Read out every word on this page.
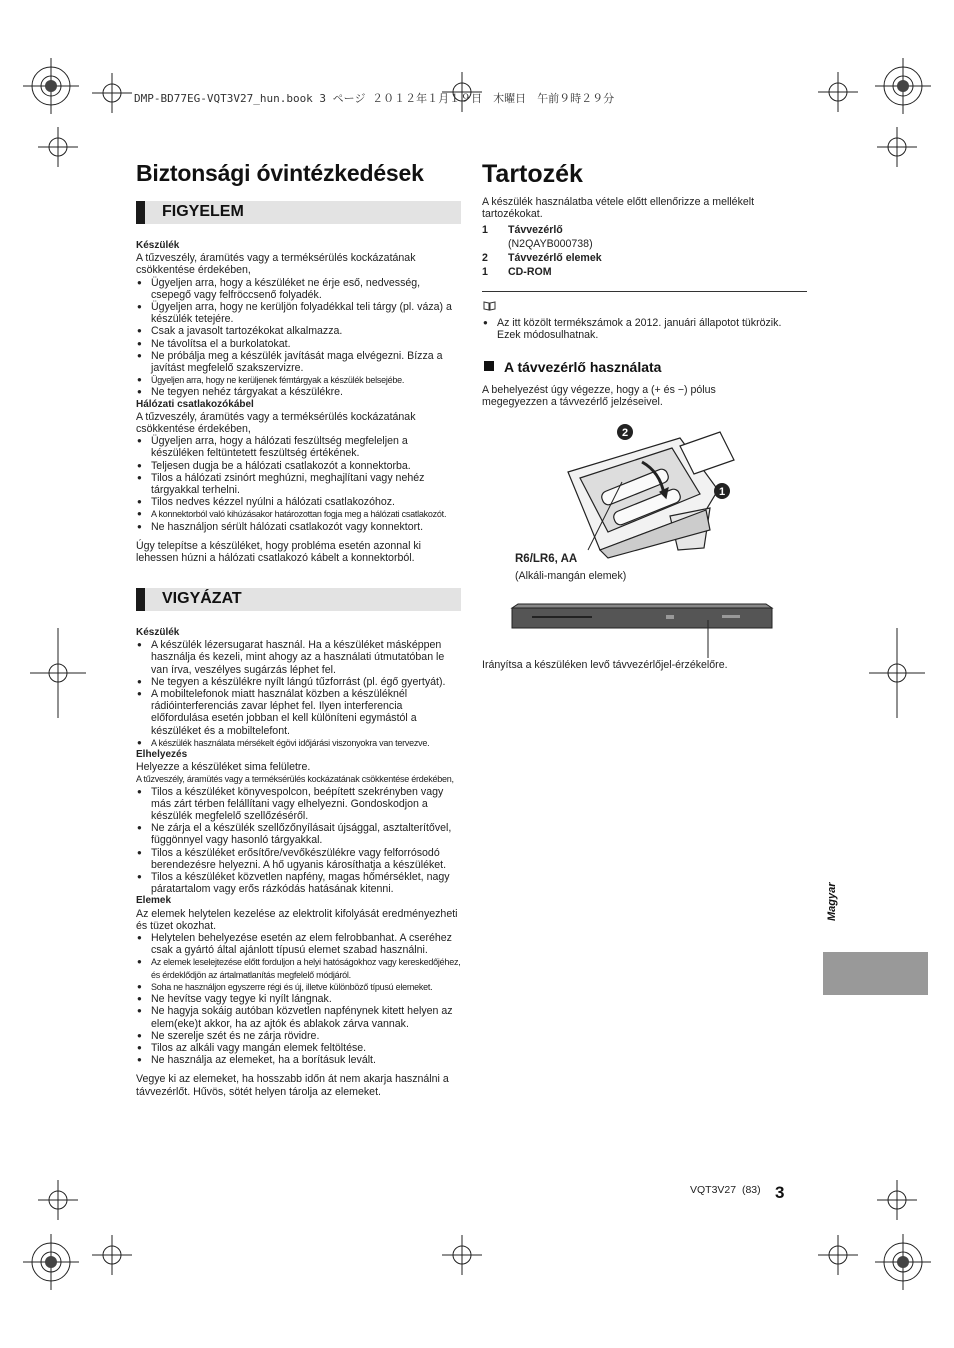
DMP-BD77EG-VQT3V27_hun.book 3 ページ ２０１２年１月１９日　木曜日　午前９時２９分
Biztonsági óvintézkedések
FIGYELEM

Készülék

A tűzveszély, áramütés vagy a terméksérülés kockázatának csökkentése érdekében,

● Ügyeljen arra, hogy a készüléket ne érje eső, nedvesség, csepegő vagy felfröccsenő folyadék.

● Ügyeljen arra, hogy ne kerüljön folyadékkal teli tárgy (pl. váza) a készülék tetejére.

● Csak a javasolt tartozékokat alkalmazza.

● Ne távolítsa el a burkolatokat.

● Ne próbálja meg a készülék javítását maga elvégezni. Bízza a javítást megfelelő szakszervizre.

● Ügyeljen arra, hogy ne kerüljenek fémtárgyak a készülék belsejébe.

● Ne tegyen nehéz tárgyakat a készülékre.

Hálózati csatlakozókábel

A tűzveszély, áramütés vagy a terméksérülés kockázatának csökkentése érdekében,

● Ügyeljen arra, hogy a hálózati feszültség megfeleljen a készüléken feltüntetett feszültség értékének.

● Teljesen dugja be a hálózati csatlakozót a konnektorba.

● Tilos a hálózati zsinórt meghúzni, meghajlítani vagy nehéz tárgyakkal terhelni.

● Tilos nedves kézzel nyúlni a hálózati csatlakozóhoz.

● A konnektorból való kihúzásakor határozottan fogja meg a hálózati csatlakozót.

● Ne használjon sérült hálózati csatlakozót vagy konnektort.

Úgy telepítse a készüléket, hogy probléma esetén azonnal ki lehessen húzni a hálózati csatlakozó kábelt a konnektorból.

VIGYÁZAT

Készülék

● A készülék lézersugarat használ. Ha a készüléket másképpen használja és kezeli, mint ahogy az a használati útmutatóban le van írva, veszélyes sugárzás léphet fel.

● Ne tegyen a készülékre nyílt lángú tűzforrást (pl. égő gyertyát).

● A mobiltelefonok miatt használat közben a készüléknél rádióinterferenciás zavar léphet fel. Ilyen interferencia előfordulása esetén jobban el kell különíteni egymástól a készüléket és a mobiltelefont.

● A készülék használata mérsékelt égövi időjárási viszonyokra van tervezve.

Elhelyezés

Helyezze a készüléket sima felületre.

A tűzveszély, áramütés vagy a terméksérülés kockázatának csökkentése érdekében,

● Tilos a készüléket könyvespolcon, beépített szekrényben vagy más zárt térben felállítani vagy elhelyezni. Gondoskodjon a készülék megfelelő szellőzéséről.

● Ne zárja el a készülék szellőzőnyílásait újsággal, asztalterítővel, függönnyel vagy hasonló tárgyakkal.

● Tilos a készüléket erősítőre/vevőkészülékre vagy felforrósodó berendezésre helyezni. A hő ugyanis károsíthatja a készüléket.

● Tilos a készüléket közvetlen napfény, magas hőmérséklet, nagy páratartalom vagy erős rázkódás hatásának kitenni.

Elemek

Az elemek helytelen kezelése az elektrolit kifolyását eredményezheti és tüzet okozhat.

● Helytelen behelyezése esetén az elem felrobbanhat. A cseréhez csak a gyártó által ajánlott típusú elemet szabad használni.

● Az elemek leselejtezése előtt forduljon a helyi hatóságokhoz vagy kereskedőjéhez, és érdeklődjön az ártalmatlanítás megfelelő módjáról.

● Soha ne használjon egyszerre régi és új, illetve különböző típusú elemeket.

● Ne hevítse vagy tegye ki nyílt lángnak.

● Ne hagyja sokáig autóban közvetlen napfénynek kitett helyen az elem(eke)t akkor, ha az ajtók és ablakok zárva vannak.

● Ne szerelje szét és ne zárja rövidre.

● Tilos az alkáli vagy mangán elemek feltöltése.

● Ne használja az elemeket, ha a borításuk levált.

Vegye ki az elemeket, ha hosszabb időn át nem akarja használni a távvezérlőt. Hűvös, sötét helyen tárolja az elemeket.

Tartozék
A készülék használatba vétele előtt ellenőrizze a mellékelt tartozékokat.
1 Távvezérlő
(N2QAYB000738)
2 Távvezérlő elemek
1 CD-ROM

● Az itt közölt termékszámok a 2012. januári állapotot tükrözik. Ezek módosulhatnak.

A távvezérlő használata
A behelyezést úgy végezze, hogy a (+ és −) pólus megegyezzen a távvezérlő jelzéseivel.
2
1
R6/LR6, AA
(Alkáli-mangán elemek)
Irányítsa a készüléken levő távvezérlőjel-érzékelőre.
Magyar
VQT3V27 (83) 3
